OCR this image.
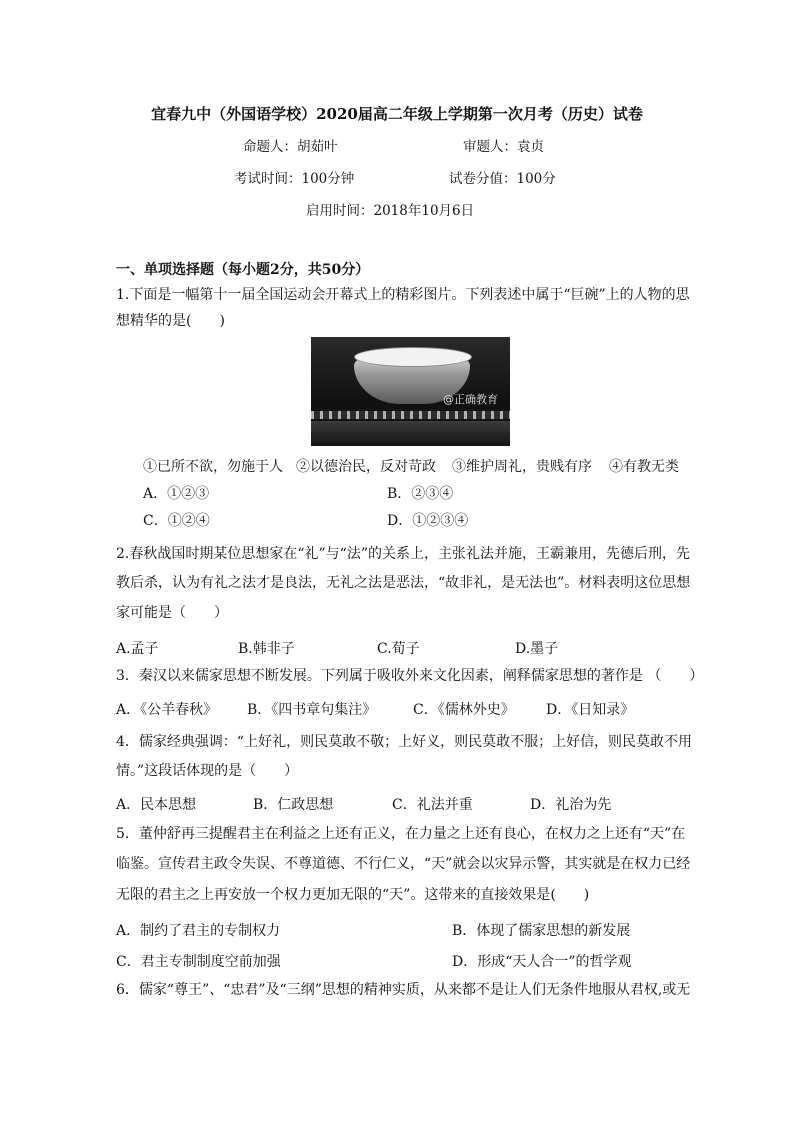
宜春九中（外国语学校）2020届高二年级上学期第一次月考（历史）试卷
命题人：胡茹叶	审题人：袁贞
考试时间：100分钟	试卷分值：100分
启用时间：2018年10月6日
一、单项选择题（每小题2分，共50分）
1.下面是一幅第十一届全国运动会开幕式上的精彩图片。下列表述中属于“巨碗”上的人物的思
想精华的是(　　)
@正确教育
①已所不欲，勿施于人 ②以德治民，反对苛政 ③维护周礼，贵贱有序 ④有教无类
A．①②③	B．②③④
C．①②④	D．①②③④
2.春秋战国时期某位思想家在“礼”与“法”的关系上，主张礼法并施，王霸兼用，先德后刑，先
教后杀，认为有礼之法才是良法，无礼之法是恶法，“故非礼，是无法也”。材料表明这位思想
家可能是（　　）
A.孟子	B.韩非子	C.荀子	D.墨子
3．秦汉以来儒家思想不断发展。下列属于吸收外来文化因素，阐释儒家思想的著作是 （　　）
A．《公羊春秋》 B．《四书章句集注》	C．《儒林外史》 D．《日知录》
4．儒家经典强调：“上好礼，则民莫敢不敬；上好义，则民莫敢不服；上好信，则民莫敢不用
情。”这段话体现的是（　　）
A．民本思想	B．仁政思想	C．礼法并重	D．礼治为先
5．董仲舒再三提醒君主在利益之上还有正义，在力量之上还有良心，在权力之上还有“天”在
临鉴。宣传君主政令失误、不尊道德、不行仁义，“天”就会以灾异示警，其实就是在权力已经
无限的君主之上再安放一个权力更加无限的“天”。这带来的直接效果是(　　)
A．制约了君主的专制权力	B．体现了儒家思想的新发展
C．君主专制制度空前加强	D．形成“天人合一”的哲学观
6．儒家“尊王”、“忠君”及“三纲”思想的精神实质，从来都不是让人们无条件地服从君权,或无
